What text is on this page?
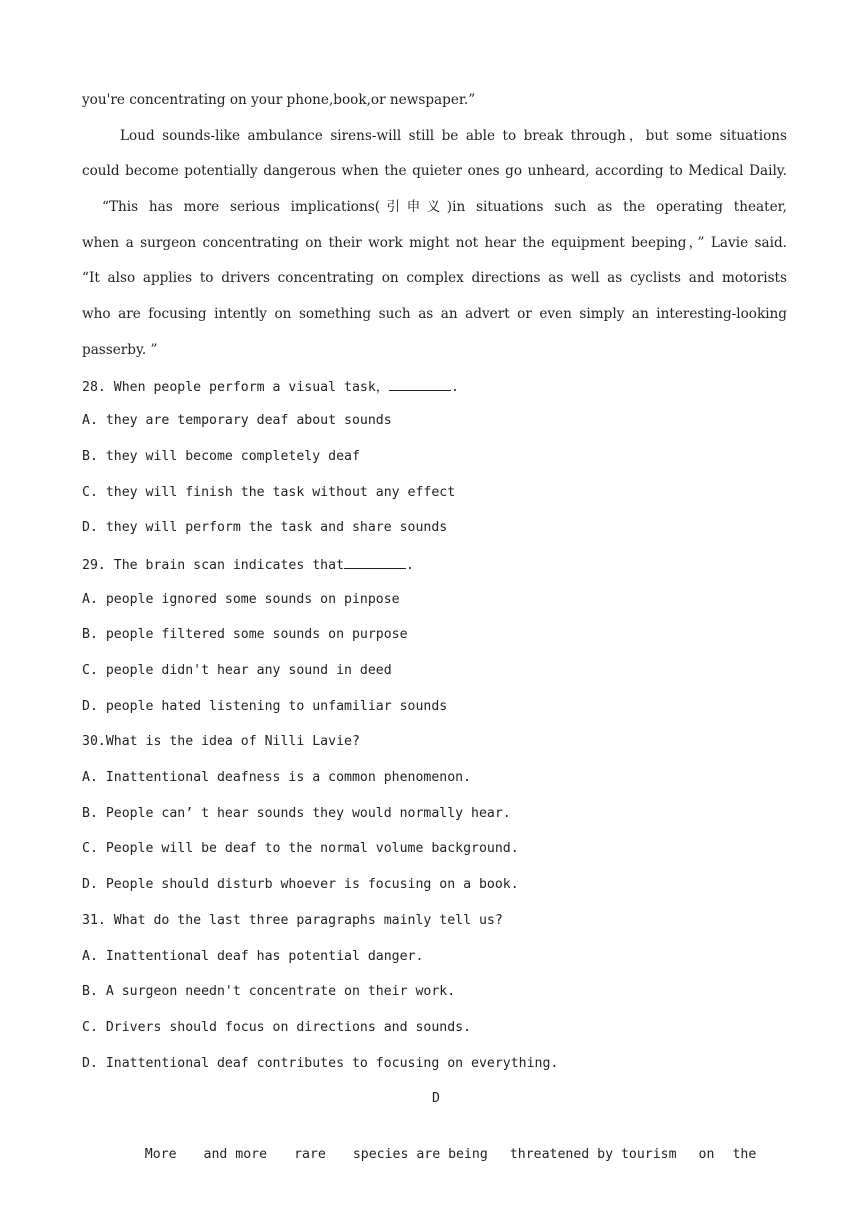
you're concentrating on your phone,book,or newspaper.”
Loud sounds-like ambulance sirens-will still be able to break through，but some situations
could become potentially dangerous when the quieter ones go unheard, according to Medical Daily.
“This has more serious implications(引申义)in situations such as the operating theater,
when a surgeon concentrating on their work might not hear the equipment beeping，” Lavie said.
“It also applies to drivers concentrating on complex directions as well as cyclists and motorists
who are focusing intently on something such as an advert or even simply an interesting-looking
passerby. ”
28. When people perform a visual task，	.
A. they are temporary deaf about sounds
B. they will become completely deaf
C. they will finish the task without any effect
D. they will perform the task and share sounds
29. The brain scan indicates that	.
A. people ignored some sounds on pinpose
B. people filtered some sounds on purpose
C. people didn't hear any sound in deed
D. people hated listening to unfamiliar sounds
30.What is the idea of Nilli Lavie?
A. Inattentional deafness is a common phenomenon.
B. People can’ t hear sounds they would normally hear.
C. People will be deaf to the normal volume background.
D. People should disturb whoever is focusing on a book.
31. What do the last three paragraphs mainly tell us?
A. Inattentional deaf has potential danger.
B. A surgeon needn't concentrate on their work.
C. Drivers should focus on directions and sounds.
D. Inattentional deaf contributes to focusing on everything.
D

More and more rare species are being threatened by tourism on the
